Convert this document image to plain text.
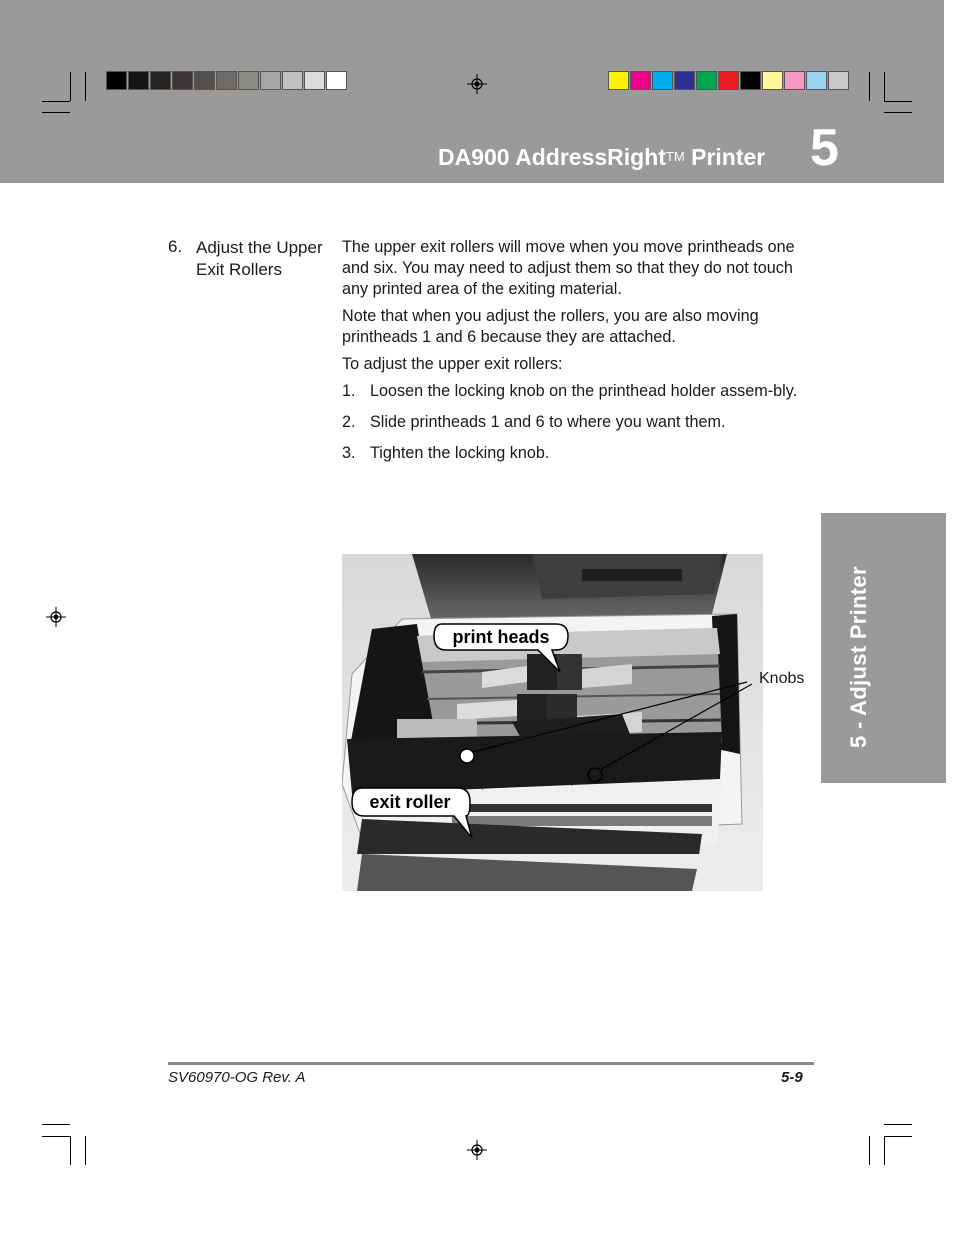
DA900 AddressRight™ Printer 5
5 - Adjust Printer
6. Adjust the Upper Exit Rollers

The upper exit rollers will move when you move printheads one and six. You may need to adjust them so that they do not touch any printed area of the exiting material.

Note that when you adjust the rollers, you are also moving printheads 1 and 6 because they are attached.

To adjust the upper exit rollers:

1. Loosen the locking knob on the printhead holder assem-bly.
2. Slide printheads 1 and 6 to where you want them.
3. Tighten the locking knob.
print heads
exit roller
Knobs
SV60970-OG Rev. A	5-9
